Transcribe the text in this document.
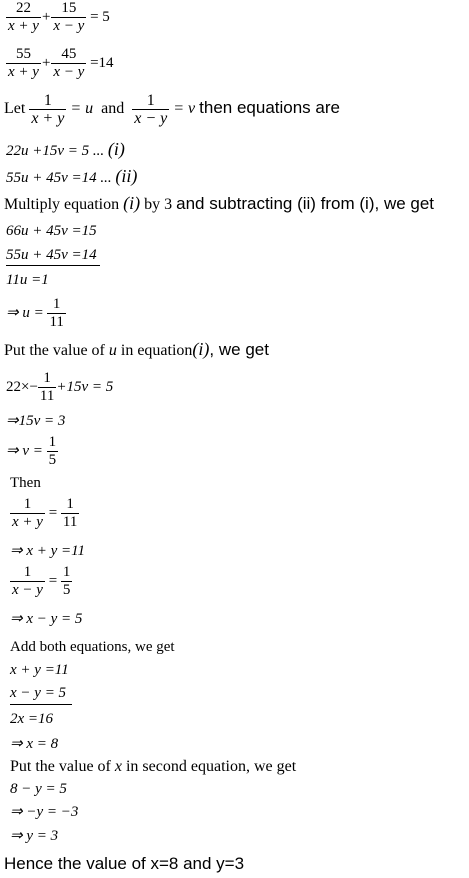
$\frac{22}{x + y} + \frac{15}{x - y} = 5$
$\frac{55}{x + y} + \frac{45}{x - y} =14$
Let $\frac{1}{x + y} = u$ and $\frac{1}{x - y} = v$ then equations are
22u +15v = 5 ... (i)
55u + 45v =14 ... (ii)
Multiply equation (i) by 3 and subtracting (ii) from (i), we get
66u + 45v =15
55u + 45v =14
11u =1
⇒ $u = \frac{1}{11}$
Put the value of u in equation(i), we get
$22\times- \frac{1}{11} +15v = 5$
⇒15v = 3
⇒ $v = \frac{1}{5}$
Then
$\frac{1}{x + y} = \frac{1}{11}$
⇒ x + y =11
$\frac{1}{x - y} = \frac{1}{5}$
⇒ x − y = 5
Add both equations, we get
x + y =11
x − y = 5
2x =16
⇒ x = 8
Put the value of x in second equation, we get
8 − y = 5
⇒ −y = −3
⇒ y = 3
Hence the value of x=8 and y=3
